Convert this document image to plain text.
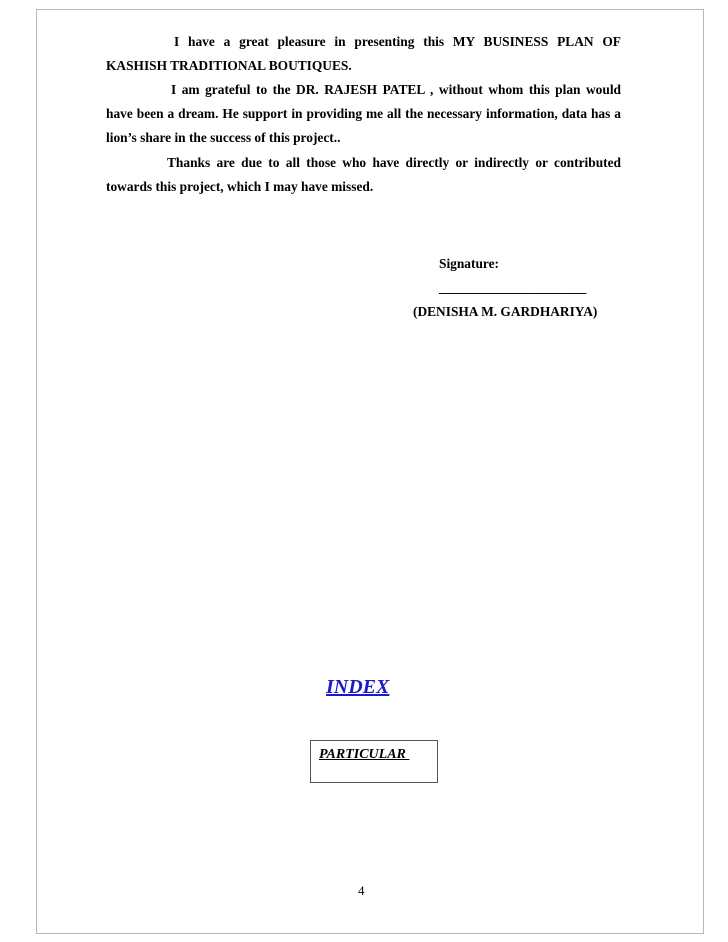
I have a great pleasure in presenting this MY BUSINESS PLAN OF KASHISH TRADITIONAL BOUTIQUES.

I am grateful to the DR. RAJESH PATEL , without whom this plan would have been a dream. He support in providing me all the necessary information, data has a lion’s share in the success of this project..

Thanks are due to all those who have directly or indirectly or contributed towards this project, which I may have missed.

Signature:
______________________
(DENISHA M. GARDHARIYA)
INDEX
PARTICULAR
4
